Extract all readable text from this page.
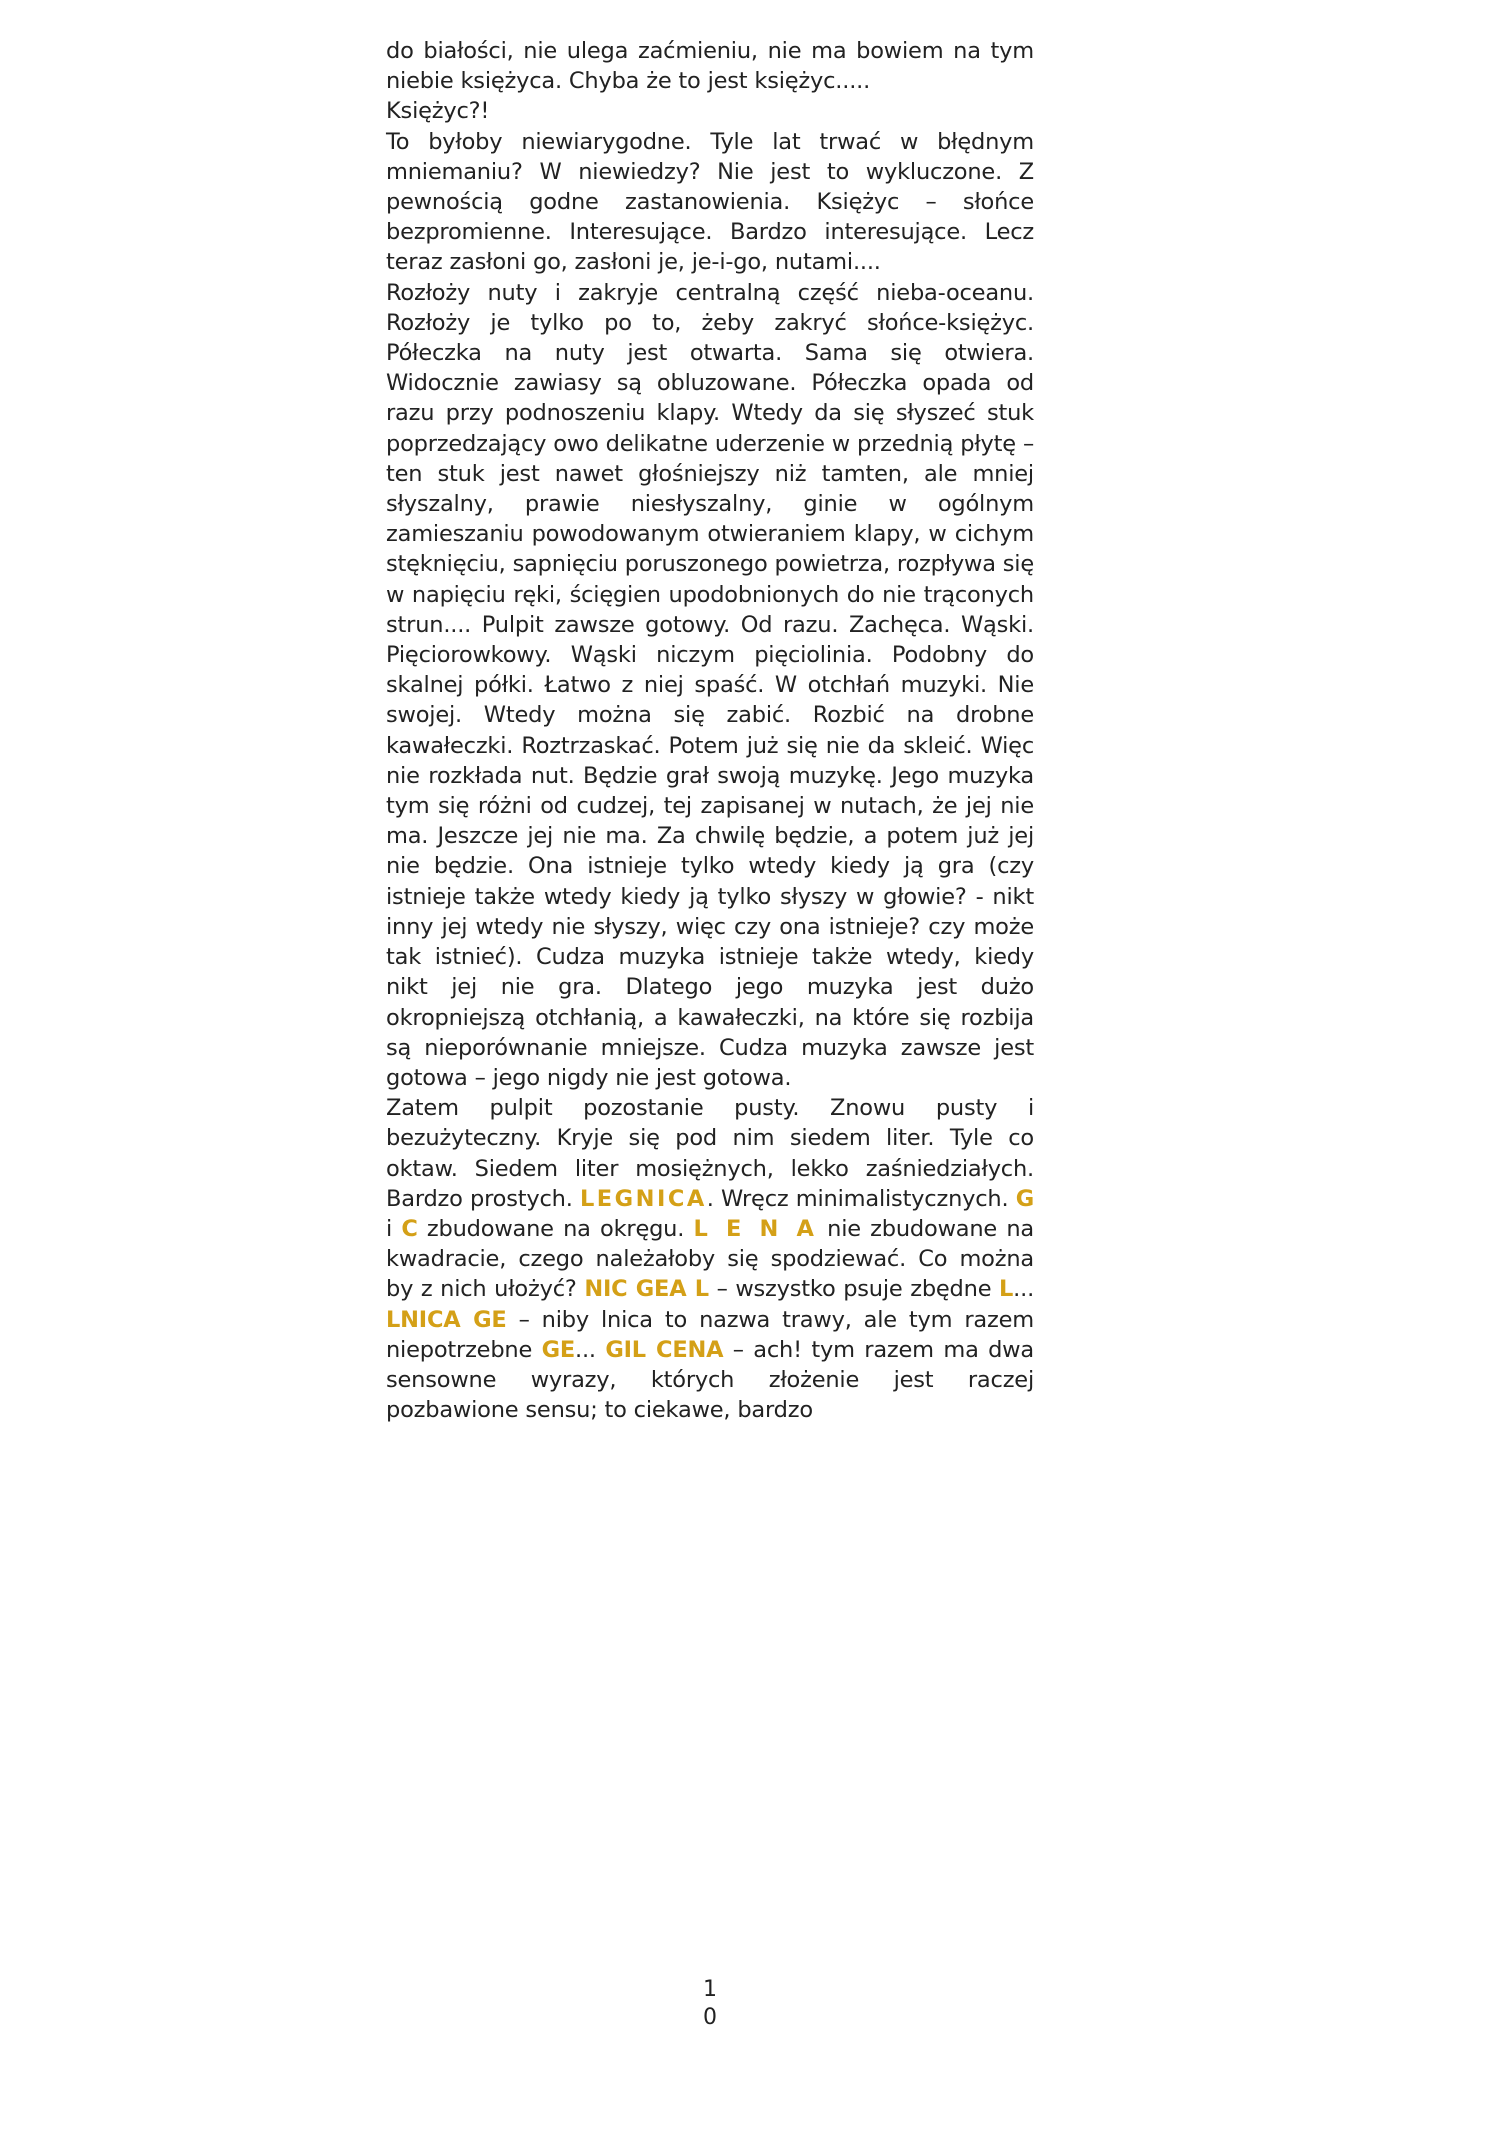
do białości, nie ulega zaćmieniu, nie ma bowiem na tym niebie księżyca. Chyba że to jest księżyc.....

Księżyc?!

To byłoby niewiarygodne. Tyle lat trwać w błędnym mniemaniu? W niewiedzy? Nie jest to wykluczone. Z pewnością godne zastanowienia. Księżyc – słońce bezpromienne. Interesujące. Bardzo interesujące. Lecz teraz zasłoni go, zasłoni je, je-i-go, nutami....

Rozłoży nuty i zakryje centralną część nieba-oceanu. Rozłoży je tylko po to, żeby zakryć słońce-księżyc. Półeczka na nuty jest otwarta. Sama się otwiera. Widocznie zawiasy są obluzowane. Półeczka opada od razu przy podnoszeniu klapy. Wtedy da się słyszeć stuk poprzedzający owo delikatne uderzenie w przednią płytę – ten stuk jest nawet głośniejszy niż tamten, ale mniej słyszalny, prawie niesłyszalny, ginie w ogólnym zamieszaniu powodowanym otwieraniem klapy, w cichym stęknięciu, sapnięciu poruszonego powietrza, rozpływa się w napięciu ręki, ścięgien upodobnionych do nie trąconych strun.... Pulpit zawsze gotowy. Od razu. Zachęca. Wąski. Pięciorowkowy. Wąski niczym pięciolinia. Podobny do skalnej półki. Łatwo z niej spaść. W otchłań muzyki. Nie swojej. Wtedy można się zabić. Rozbić na drobne kawałeczki. Roztrzaskać. Potem już się nie da skleić. Więc nie rozkłada nut. Będzie grał swoją muzykę. Jego muzyka tym się różni od cudzej, tej zapisanej w nutach, że jej nie ma. Jeszcze jej nie ma. Za chwilę będzie, a potem już jej nie będzie. Ona istnieje tylko wtedy kiedy ją gra (czy istnieje także wtedy kiedy ją tylko słyszy w głowie? - nikt inny jej wtedy nie słyszy, więc czy ona istnieje? czy może tak istnieć). Cudza muzyka istnieje także wtedy, kiedy nikt jej nie gra. Dlatego jego muzyka jest dużo okropniejszą otchłanią, a kawałeczki, na które się rozbija są nieporównanie mniejsze. Cudza muzyka zawsze jest gotowa – jego nigdy nie jest gotowa.

Zatem pulpit pozostanie pusty. Znowu pusty i bezużyteczny. Kryje się pod nim siedem liter. Tyle co oktaw. Siedem liter mosiężnych, lekko zaśniedziałych. Bardzo prostych. LEGNICA. Wręcz minimalistycznych. G i C zbudowane na okręgu. L E N A nie zbudowane na kwadracie, czego należałoby się spodziewać. Co można by z nich ułożyć? NIC GEA L – wszystko psuje zbędne L... LNICA GE – niby lnica to nazwa trawy, ale tym razem niepotrzebne GE... GIL CENA – ach! tym razem ma dwa sensowne wyrazy, których złożenie jest raczej pozbawione sensu; to ciekawe, bardzo

1
0
